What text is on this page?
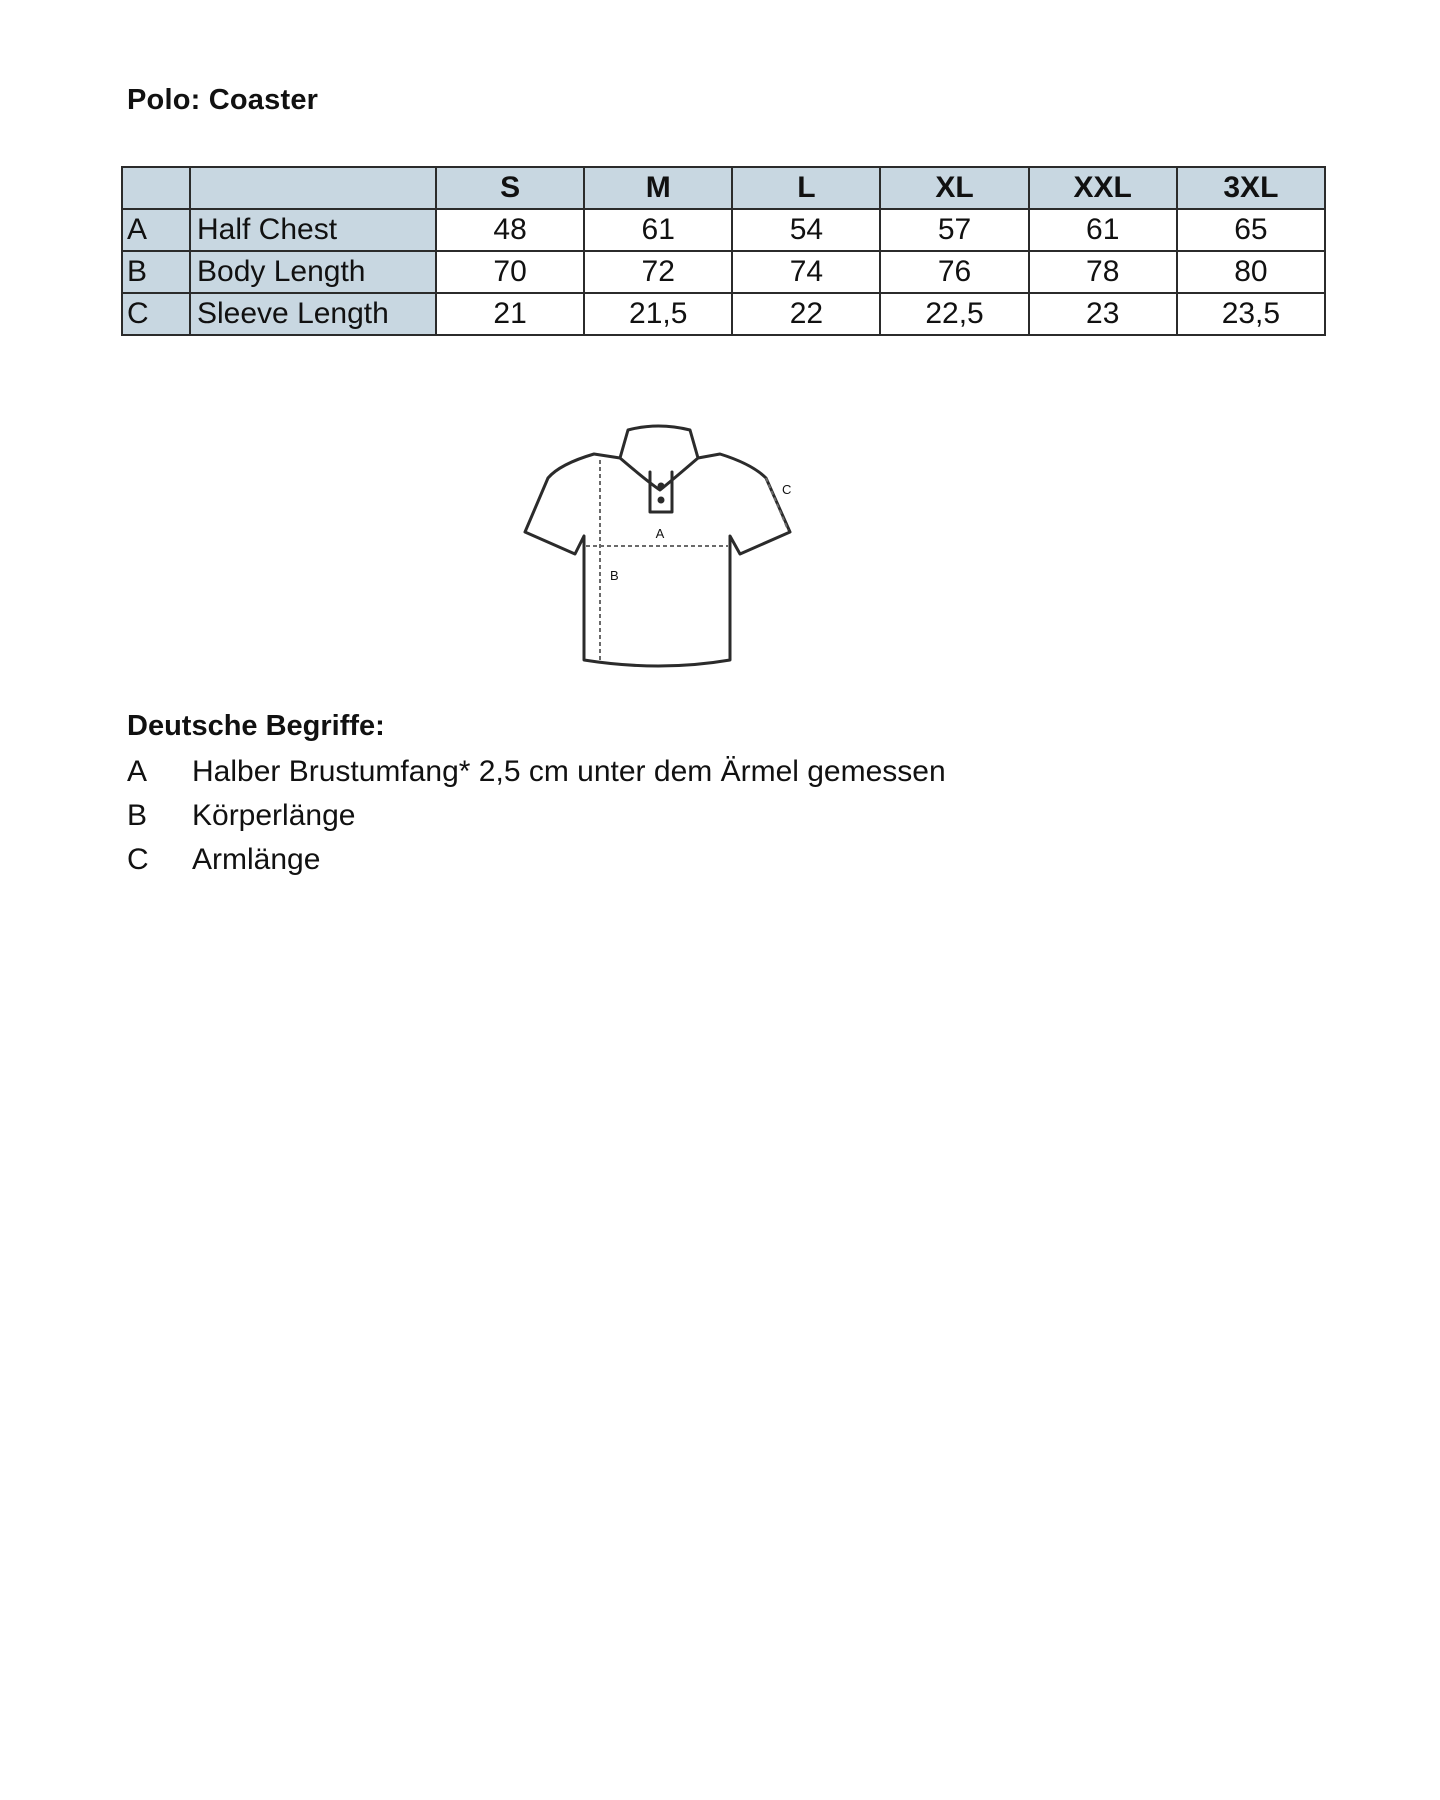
Polo: Coaster
		S	M	L	XL	XXL	3XL
A	Half Chest	48	61	54	57	61	65
B	Body Length	70	72	74	76	78	80
C	Sleeve Length	21	21,5	22	22,5	23	23,5
A
B
C
Deutsche Begriffe:
A Halber Brustumfang* 2,5 cm unter dem Ärmel gemessen
B Körperlänge
C Armlänge
